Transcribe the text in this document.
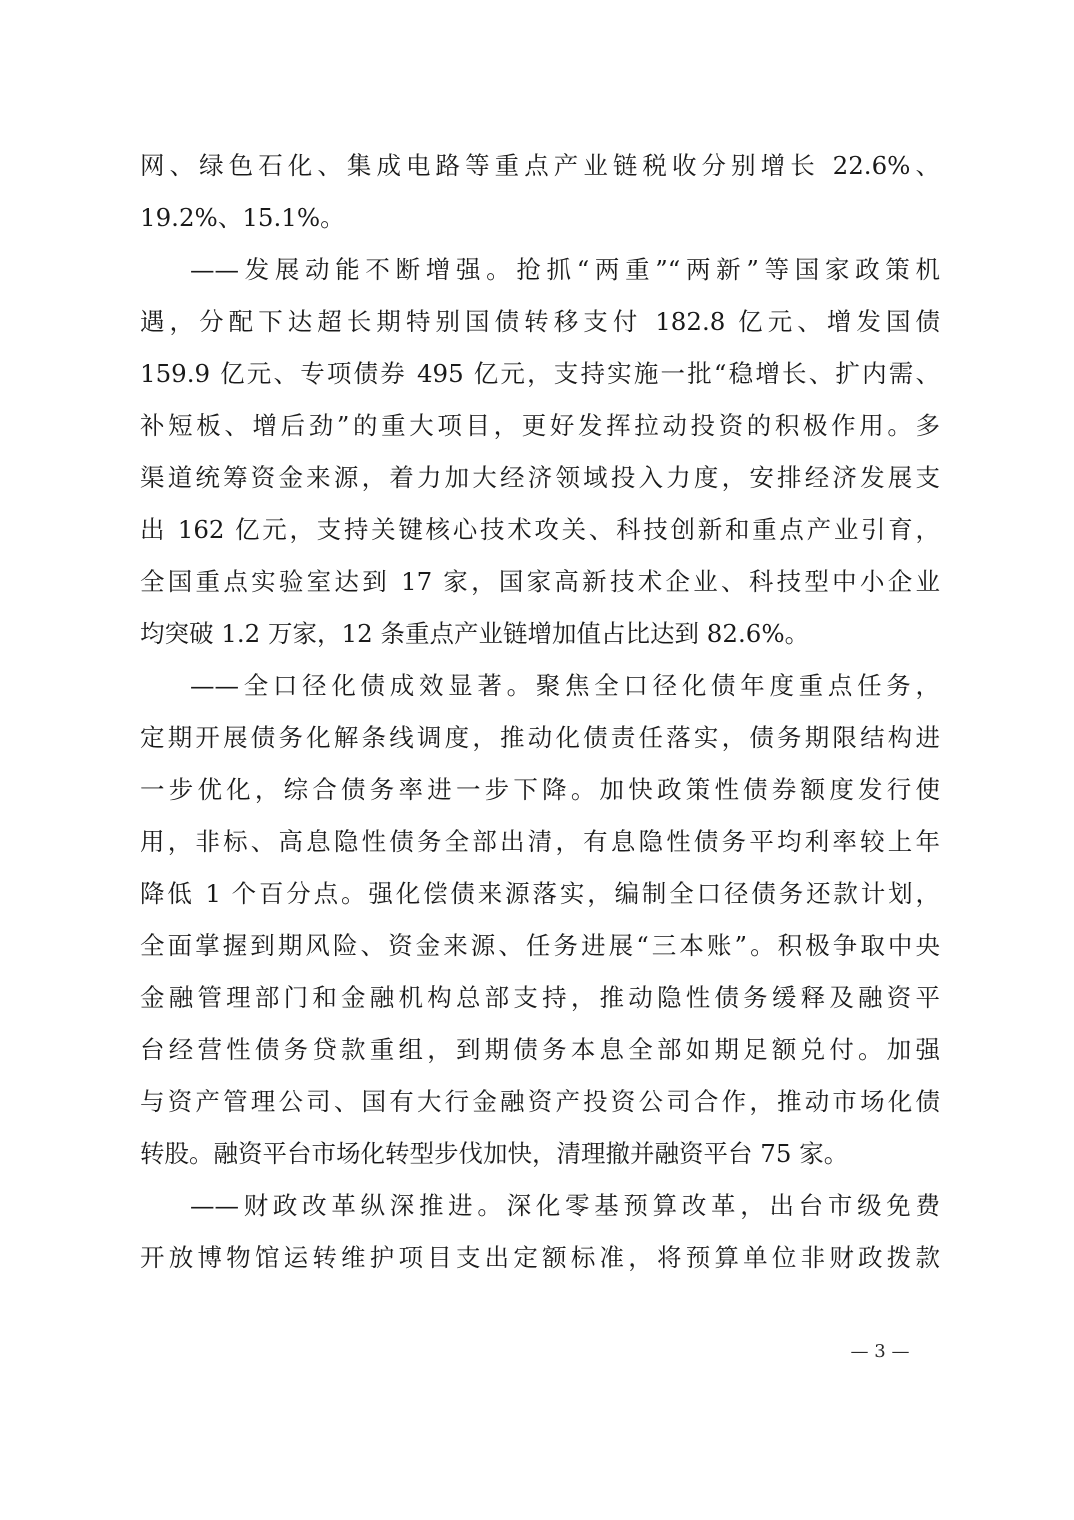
网、绿色石化、集成电路等重点产业链税收分别增长 22.6%、
19.2%、15.1%。
——发展动能不断增强。抢抓“两重”“两新”等国家政策机
遇，分配下达超长期特别国债转移支付 182.8 亿元、增发国债
159.9 亿元、专项债券 495 亿元，支持实施一批“稳增长、扩内需、
补短板、增后劲”的重大项目，更好发挥拉动投资的积极作用。多
渠道统筹资金来源，着力加大经济领域投入力度，安排经济发展支
出 162 亿元，支持关键核心技术攻关、科技创新和重点产业引育，
全国重点实验室达到 17 家，国家高新技术企业、科技型中小企业
均突破 1.2 万家，12 条重点产业链增加值占比达到 82.6%。
——全口径化债成效显著。聚焦全口径化债年度重点任务，
定期开展债务化解条线调度，推动化债责任落实，债务期限结构进
一步优化，综合债务率进一步下降。加快政策性债券额度发行使
用，非标、高息隐性债务全部出清，有息隐性债务平均利率较上年
降低 1 个百分点。强化偿债来源落实，编制全口径债务还款计划，
全面掌握到期风险、资金来源、任务进展“三本账”。积极争取中央
金融管理部门和金融机构总部支持，推动隐性债务缓释及融资平
台经营性债务贷款重组，到期债务本息全部如期足额兑付。加强
与资产管理公司、国有大行金融资产投资公司合作，推动市场化债
转股。融资平台市场化转型步伐加快，清理撤并融资平台 75 家。
——财政改革纵深推进。深化零基预算改革，出台市级免费
开放博物馆运转维护项目支出定额标准，将预算单位非财政拨款
— 3 —
